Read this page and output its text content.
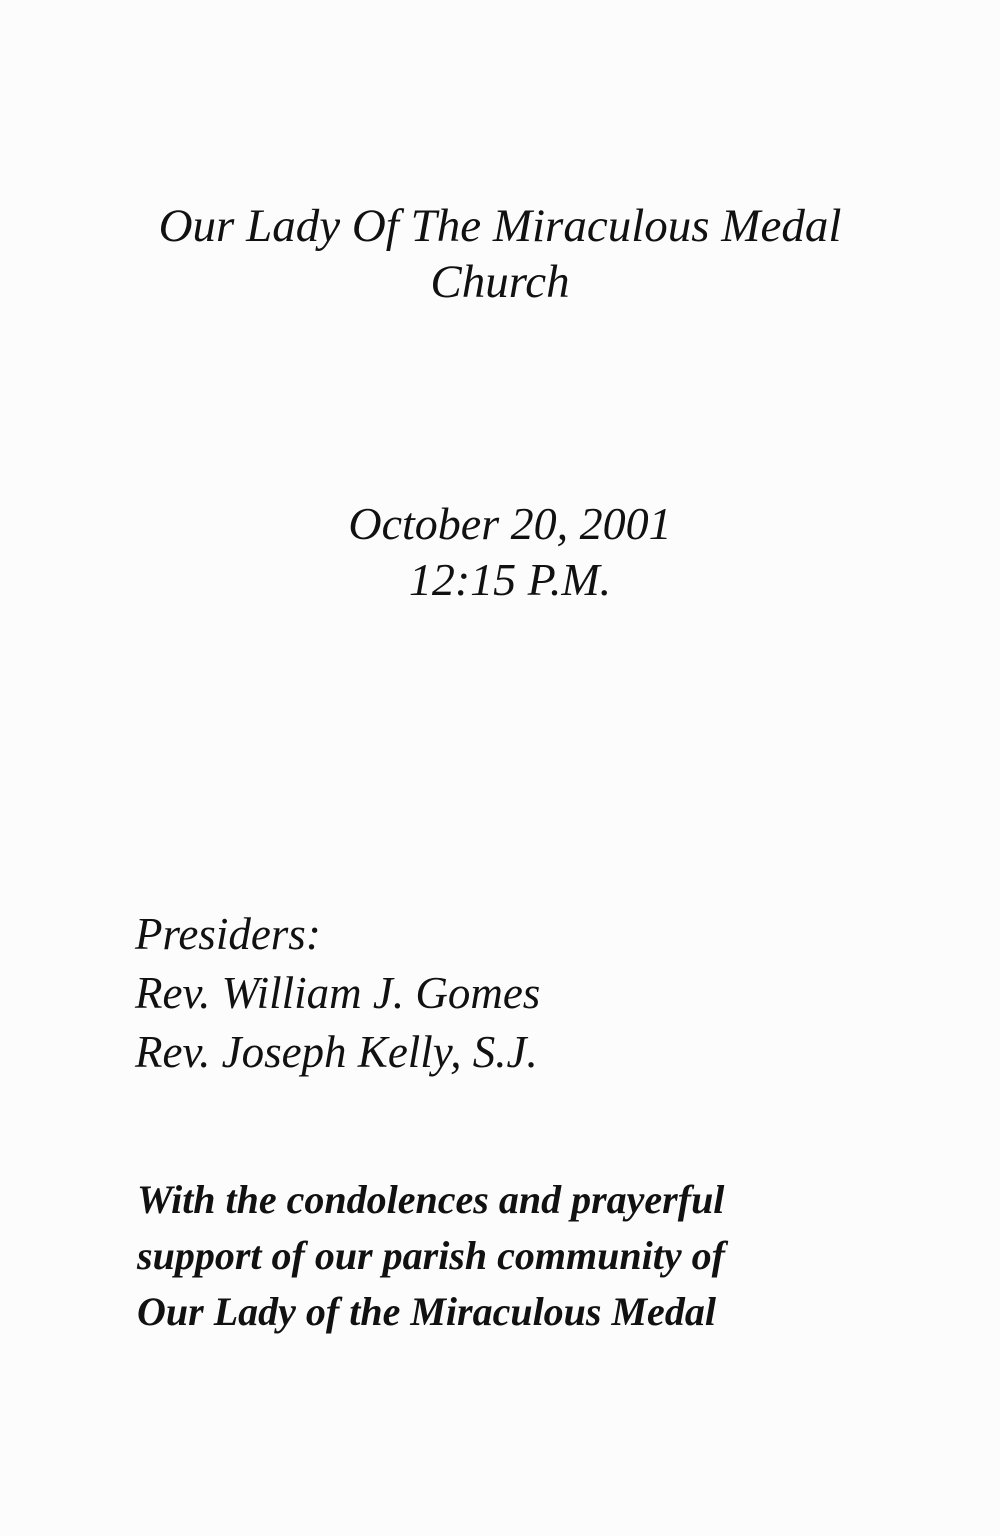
Our Lady Of The Miraculous Medal
Church
October 20, 2001
12:15 P.M.
Presiders:
Rev. William J. Gomes
Rev. Joseph Kelly, S.J.
With the condolences and prayerful
support of our parish community of
Our Lady of the Miraculous Medal
